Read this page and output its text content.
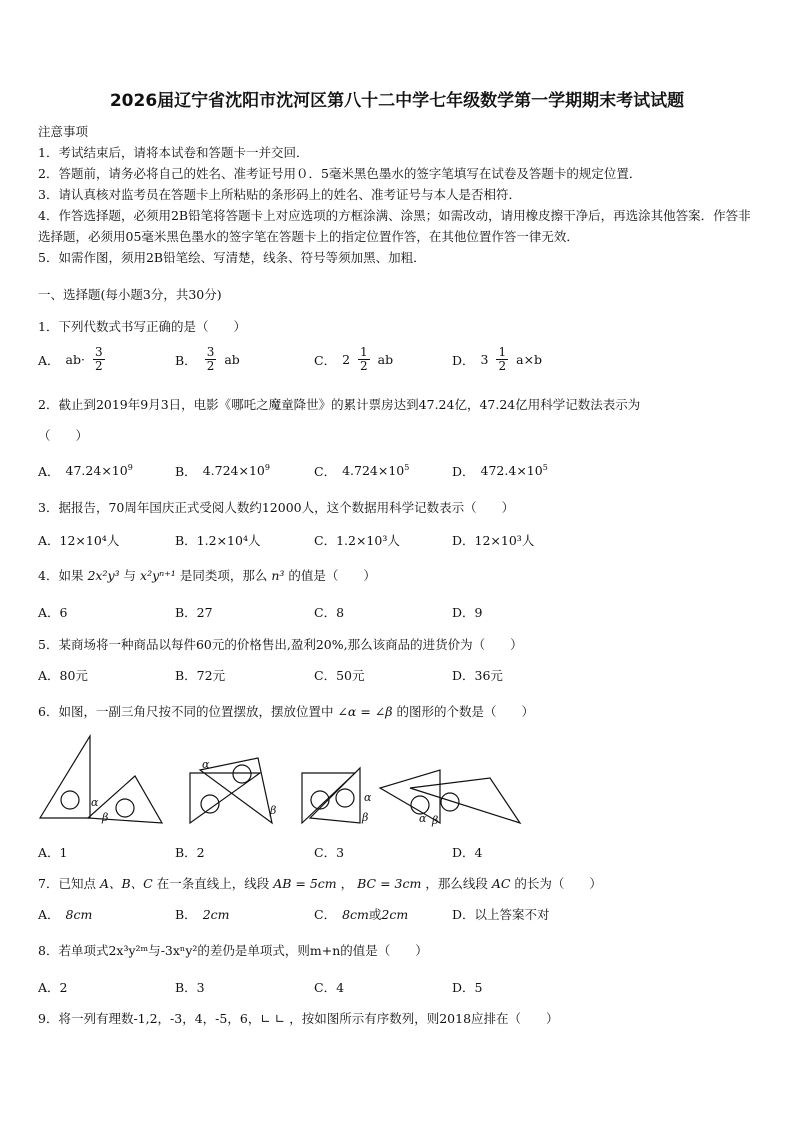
2026届辽宁省沈阳市沈河区第八十二中学七年级数学第一学期期末考试试题
注意事项
1．考试结束后，请将本试卷和答题卡一并交回．
2．答题前，请务必将自己的姓名、准考证号用０．5毫米黑色墨水的签字笔填写在试卷及答题卡的规定位置．
3．请认真核对监考员在答题卡上所粘贴的条形码上的姓名、准考证号与本人是否相符．
4．作答选择题，必须用2B铅笔将答题卡上对应选项的方框涂满、涂黑；如需改动，请用橡皮擦干净后，再选涂其他答案．作答非选择题，必须用05毫米黑色墨水的签字笔在答题卡上的指定位置作答，在其他位置作答一律无效．
5．如需作图，须用2B铅笔绘、写清楚，线条、符号等须加黑、加粗．
一、选择题(每小题3分，共30分)
1．下列代数式书写正确的是（　　）
A． $ab\cdot \frac{3}{2}$	B． $\frac{3}{2}$ ab	C． $2 \frac{1}{2}$ ab	D． $3 \frac{1}{2} a\times b$
2．截止到2019年9月3日，电影《哪吒之魔童降世》的累计票房达到47.24亿，47.24亿用科学记数法表示为
（　　）
A． $47.24\times 10^9$	B． $4.724\times 10^9$	C． $4.724\times 10^5$	D． $472.4\times 10^5$
3．据报告，70周年国庆正式受阅人数约12000人，这个数据用科学记数表示（　　）
A．12×10⁴人	B．1.2×10⁴人	C．1.2×10³人	D．12×10³人
4．如果 2x²y³ 与 x²yⁿ⁺¹ 是同类项，那么 n³ 的值是（　　）
A．6	B．27	C．8	D．9
5．某商场将一种商品以每件60元的价格售出,盈利20%,那么该商品的进货价为（　　）
A．80元	B．72元	C．50元	D．36元
6．如图，一副三角尺按不同的位置摆放，摆放位置中 ∠α = ∠β 的图形的个数是（　　）
α
β
α
β
α
β	α β
A．1	B．2	C．3	D．4
7．已知点 A、B、C 在一条直线上，线段 AB = 5cm ， BC = 3cm ，那么线段 AC 的长为（　　）
A． 8cm	B． 2cm	C． 8cm或2cm	D．以上答案不对
8．若单项式2x³y²ᵐ与-3xⁿy²的差仍是单项式，则m+n的值是（　　）
A．2	B．3	C．4	D．5
9．将一列有理数-1,2，-3，4，-5，6，∟ ∟ ，按如图所示有序数列，则2018应排在（　　）
